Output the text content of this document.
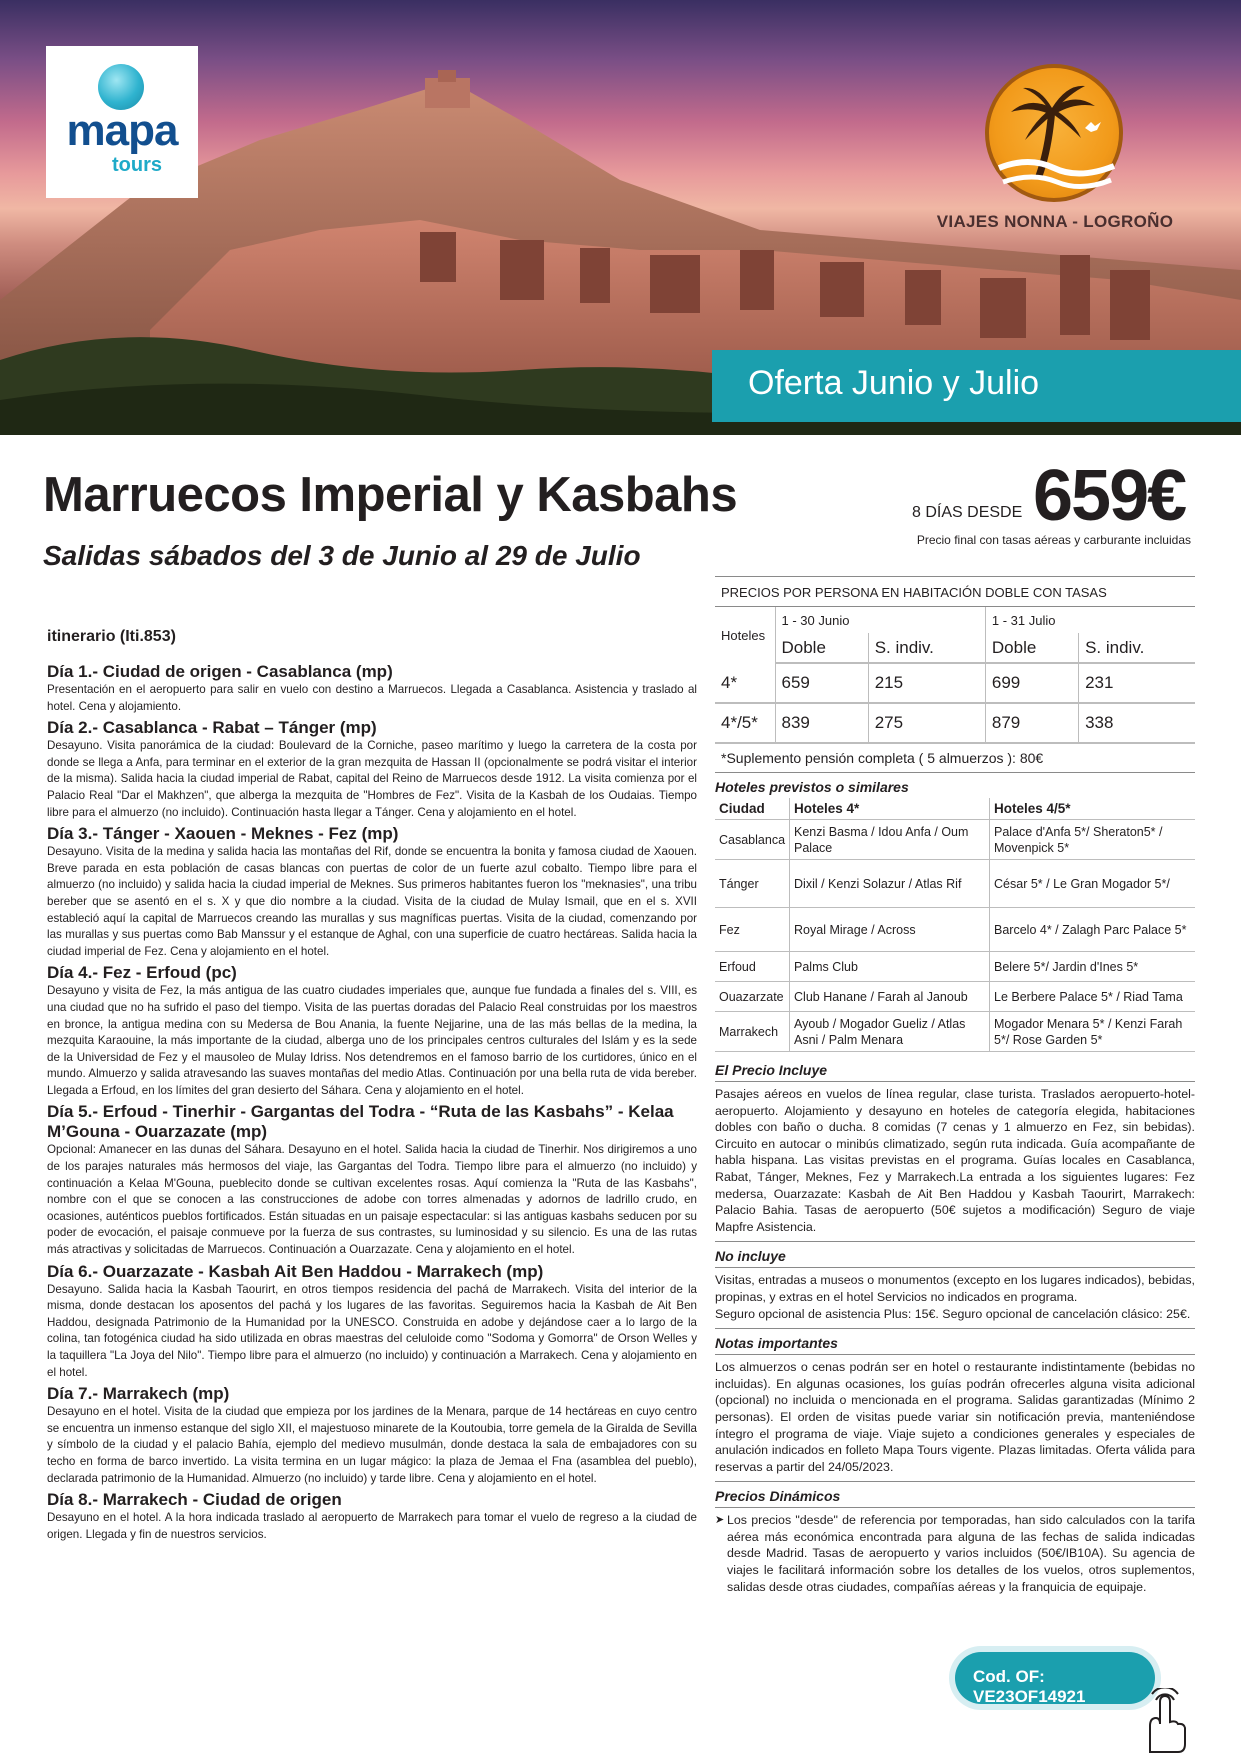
mapa
tours
VIAJES NONNA - LOGROÑO
Oferta Junio y Julio
Marruecos Imperial y Kasbahs
Salidas sábados del 3 de Junio al 29 de Julio
8 DÍAS DESDE 659€
Precio final con tasas aéreas y carburante incluidas
itinerario (Iti.853)
Día 1.- Ciudad de origen - Casablanca (mp)
Presentación en el aeropuerto para salir en vuelo con destino a Marruecos. Llegada a Casablanca. Asistencia y traslado al hotel. Cena y alojamiento.
Día 2.- Casablanca - Rabat – Tánger (mp)
Desayuno. Visita panorámica de la ciudad: Boulevard de la Corniche, paseo marítimo y luego la carretera de la costa por donde se llega a Anfa, para terminar en el exterior de la gran mezquita de Hassan II (opcionalmente se podrá visitar el interior de la misma). Salida hacia la ciudad imperial de Rabat, capital del Reino de Marruecos desde 1912. La visita comienza por el Palacio Real "Dar el Makhzen", que alberga la mezquita de "Hombres de Fez". Visita de la Kasbah de los Oudaias. Tiempo libre para el almuerzo (no incluido). Continuación hasta llegar a Tánger. Cena y alojamiento en el hotel.
Día 3.- Tánger - Xaouen - Meknes - Fez (mp)
Desayuno. Visita de la medina y salida hacia las montañas del Rif, donde se encuentra la bonita y famosa ciudad de Xaouen. Breve parada en esta población de casas blancas con puertas de color de un fuerte azul cobalto. Tiempo libre para el almuerzo (no incluido) y salida hacia la ciudad imperial de Meknes. Sus primeros habitantes fueron los "meknasies", una tribu bereber que se asentó en el s. X y que dio nombre a la ciudad. Visita de la ciudad de Mulay Ismail, que en el s. XVII estableció aquí la capital de Marruecos creando las murallas y sus magníficas puertas. Visita de la ciudad, comenzando por las murallas y sus puertas como Bab Manssur y el estanque de Aghal, con una superficie de cuatro hectáreas. Salida hacia la ciudad imperial de Fez. Cena y alojamiento en el hotel.
Día 4.- Fez - Erfoud (pc)
Desayuno y visita de Fez, la más antigua de las cuatro ciudades imperiales que, aunque fue fundada a finales del s. VIII, es una ciudad que no ha sufrido el paso del tiempo. Visita de las puertas doradas del Palacio Real construidas por los maestros en bronce, la antigua medina con su Medersa de Bou Anania, la fuente Nejjarine, una de las más bellas de la medina, la mezquita Karaouine, la más importante de la ciudad, alberga uno de los principales centros culturales del Islám y es la sede de la Universidad de Fez y el mausoleo de Mulay Idriss. Nos detendremos en el famoso barrio de los curtidores, único en el mundo. Almuerzo y salida atravesando las suaves montañas del medio Atlas. Continuación por una bella ruta de vida bereber. Llegada a Erfoud, en los límites del gran desierto del Sáhara. Cena y alojamiento en el hotel.
Día 5.- Erfoud - Tinerhir - Gargantas del Todra - “Ruta de las Kasbahs” - Kelaa M’Gouna - Ouarzazate (mp)
Opcional: Amanecer en las dunas del Sáhara. Desayuno en el hotel. Salida hacia la ciudad de Tinerhir. Nos dirigiremos a uno de los parajes naturales más hermosos del viaje, las Gargantas del Todra. Tiempo libre para el almuerzo (no incluido) y continuación a Kelaa M'Gouna, pueblecito donde se cultivan excelentes rosas. Aquí comienza la "Ruta de las Kasbahs", nombre con el que se conocen a las construcciones de adobe con torres almenadas y adornos de ladrillo crudo, en ocasiones, auténticos pueblos fortificados. Están situadas en un paisaje espectacular: si las antiguas kasbahs seducen por su poder de evocación, el paisaje conmueve por la fuerza de sus contrastes, su luminosidad y su silencio. Es una de las rutas más atractivas y solicitadas de Marruecos. Continuación a Ouarzazate. Cena y alojamiento en el hotel.
Día 6.- Ouarzazate - Kasbah Ait Ben Haddou - Marrakech (mp)
Desayuno. Salida hacia la Kasbah Taourirt, en otros tiempos residencia del pachá de Marrakech. Visita del interior de la misma, donde destacan los aposentos del pachá y los lugares de las favoritas. Seguiremos hacia la Kasbah de Ait Ben Haddou, designada Patrimonio de la Humanidad por la UNESCO. Construida en adobe y dejándose caer a lo largo de la colina, tan fotogénica ciudad ha sido utilizada en obras maestras del celuloide como "Sodoma y Gomorra" de Orson Welles y la taquillera "La Joya del Nilo". Tiempo libre para el almuerzo (no incluido) y continuación a Marrakech. Cena y alojamiento en el hotel.
Día 7.- Marrakech (mp)
Desayuno en el hotel. Visita de la ciudad que empieza por los jardines de la Menara, parque de 14 hectáreas en cuyo centro se encuentra un inmenso estanque del siglo XII, el majestuoso minarete de la Koutoubia, torre gemela de la Giralda de Sevilla y símbolo de la ciudad y el palacio Bahía, ejemplo del medievo musulmán, donde destaca la sala de embajadores con su techo en forma de barco invertido. La visita termina en un lugar mágico: la plaza de Jemaa el Fna (asamblea del pueblo), declarada patrimonio de la Humanidad. Almuerzo (no incluido) y tarde libre. Cena y alojamiento en el hotel.
Día 8.- Marrakech - Ciudad de origen
Desayuno en el hotel. A la hora indicada traslado al aeropuerto de Marrakech para tomar el vuelo de regreso a la ciudad de origen. Llegada y fin de nuestros servicios.
PRECIOS POR PERSONA EN HABITACIÓN DOBLE CON TASAS
Hoteles	1 - 30 Junio		1 - 31 Julio	
	Doble	S. indiv.	Doble	S. indiv.
4*	659	215	699	231
4*/5*	839	275	879	338
*Suplemento pensión completa ( 5 almuerzos ): 80€
Hoteles previstos o similares
Ciudad	Hoteles 4*	Hoteles 4/5*
Casablanca	Kenzi Basma / Idou Anfa / Oum Palace	Palace d'Anfa 5*/ Sheraton5* / Movenpick 5*
Tánger	Dixil / Kenzi Solazur / Atlas Rif	César 5* / Le Gran Mogador 5*/
Fez	Royal Mirage / Across	Barcelo 4* / Zalagh Parc Palace 5*
Erfoud	Palms Club	Belere 5*/ Jardin d'Ines 5*
Ouazarzate	Club Hanane / Farah al Janoub	Le Berbere Palace 5* / Riad Tama
Marrakech	Ayoub / Mogador Gueliz / Atlas Asni / Palm Menara	Mogador Menara 5* / Kenzi Farah 5*/ Rose Garden 5*
El Precio Incluye
Pasajes aéreos en vuelos de línea regular, clase turista. Traslados aeropuerto-hotel-aeropuerto. Alojamiento y desayuno en hoteles de categoría elegida, habitaciones dobles con baño o ducha. 8 comidas (7 cenas y 1 almuerzo en Fez, sin bebidas). Circuito en autocar o minibús climatizado, según ruta indicada. Guía acompañante de habla hispana. Las visitas previstas en el programa. Guías locales en Casablanca, Rabat, Tánger, Meknes, Fez y Marrakech.La entrada a los siguientes lugares: Fez medersa, Ouarzazate: Kasbah de Ait Ben Haddou y Kasbah Taourirt, Marrakech: Palacio Bahia. Tasas de aeropuerto (50€ sujetos a modificación) Seguro de viaje Mapfre Asistencia.
No incluye
Visitas, entradas a museos o monumentos (excepto en los lugares indicados), bebidas, propinas, y extras en el hotel Servicios no indicados en programa.
Seguro opcional de asistencia Plus: 15€. Seguro opcional de cancelación clásico: 25€.
Notas importantes
Los almuerzos o cenas podrán ser en hotel o restaurante indistintamente (bebidas no incluidas). En algunas ocasiones, los guías podrán ofrecerles alguna visita adicional (opcional) no incluida o mencionada en el programa. Salidas garantizadas (Mínimo 2 personas). El orden de visitas puede variar sin notificación previa, manteniéndose íntegro el programa de viaje. Viaje sujeto a condiciones generales y especiales de anulación indicados en folleto Mapa Tours vigente. Plazas limitadas. Oferta válida para reservas a partir del 24/05/2023.
Precios Dinámicos
➤ Los precios "desde" de referencia por temporadas, han sido calculados con la tarifa aérea más económica encontrada para alguna de las fechas de salida indicadas desde Madrid. Tasas de aeropuerto y varios incluidos (50€/IB10A). Su agencia de viajes le facilitará información sobre los detalles de los vuelos, otros suplementos, salidas desde otras ciudades, compañías aéreas y la franquicia de equipaje.
Cod. OF: VE23OF14921
